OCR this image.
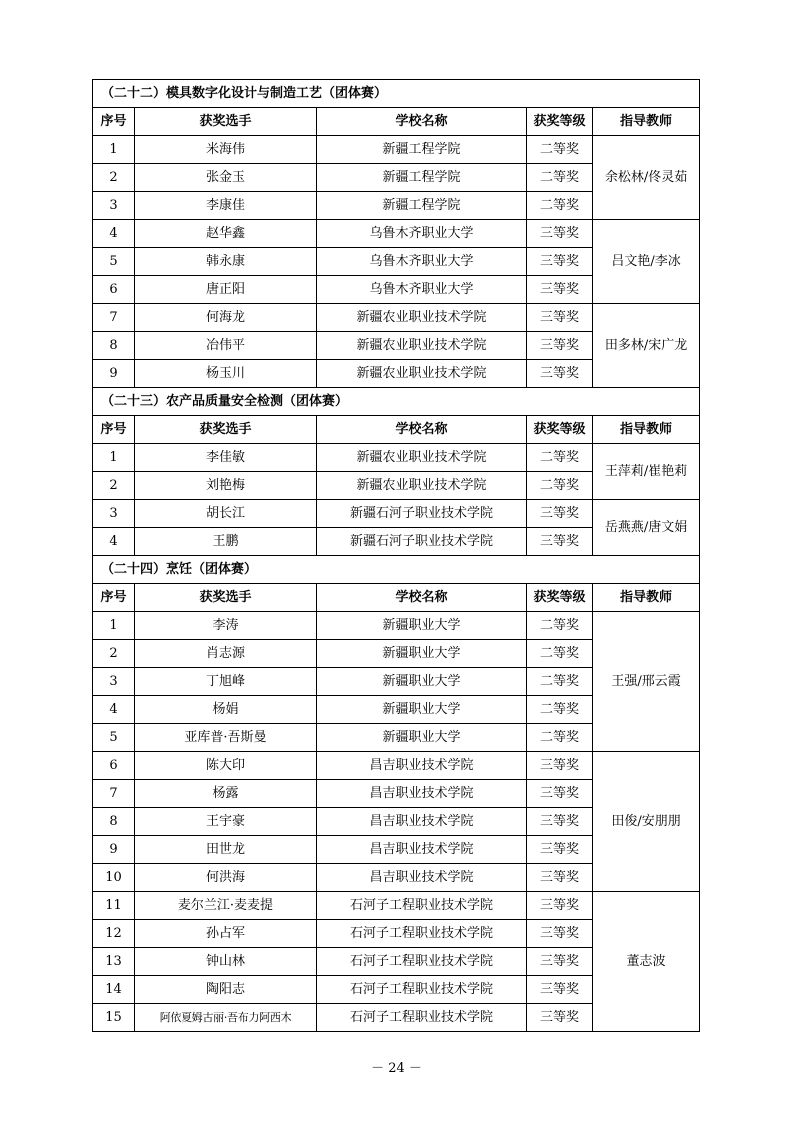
（二十二）模具数字化设计与制造工艺（团体赛）				
序号	获奖选手	学校名称	获奖等级	指导教师
1	米海伟	新疆工程学院	二等奖	余松林/佟灵茹
2	张金玉	新疆工程学院	二等奖	
3	李康佳	新疆工程学院	二等奖	
4	赵华鑫	乌鲁木齐职业大学	三等奖	吕文艳/李冰
5	韩永康	乌鲁木齐职业大学	三等奖	
6	唐正阳	乌鲁木齐职业大学	三等奖	
7	何海龙	新疆农业职业技术学院	三等奖	田多林/宋广龙
8	冶伟平	新疆农业职业技术学院	三等奖	
9	杨玉川	新疆农业职业技术学院	三等奖	
（二十三）农产品质量安全检测（团体赛）				
序号	获奖选手	学校名称	获奖等级	指导教师
1	李佳敏	新疆农业职业技术学院	二等奖	王萍莉/崔艳莉
2	刘艳梅	新疆农业职业技术学院	二等奖	
3	胡长江	新疆石河子职业技术学院	三等奖	岳燕燕/唐文娟
4	王鹏	新疆石河子职业技术学院	三等奖	
（二十四）烹饪（团体赛）				
序号	获奖选手	学校名称	获奖等级	指导教师
1	李涛	新疆职业大学	二等奖	王强/邢云霞
2	肖志源	新疆职业大学	二等奖	
3	丁旭峰	新疆职业大学	二等奖	
4	杨娟	新疆职业大学	二等奖	
5	亚库普·吾斯曼	新疆职业大学	二等奖	
6	陈大印	昌吉职业技术学院	三等奖	田俊/安朋朋
7	杨露	昌吉职业技术学院	三等奖	
8	王宇豪	昌吉职业技术学院	三等奖	
9	田世龙	昌吉职业技术学院	三等奖	
10	何洪海	昌吉职业技术学院	三等奖	
11	麦尔兰江·麦麦提	石河子工程职业技术学院	三等奖	董志波
12	孙占军	石河子工程职业技术学院	三等奖	
13	钟山林	石河子工程职业技术学院	三等奖	
14	陶阳志	石河子工程职业技术学院	三等奖	
15	阿依夏姆古丽·吾布力阿西木	石河子工程职业技术学院	三等奖	
－ 24 －
